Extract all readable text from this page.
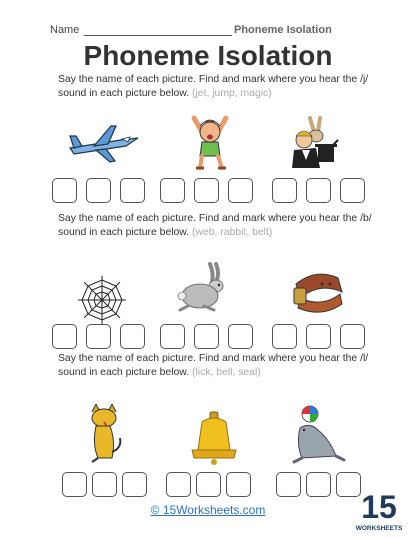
Name	Phoneme Isolation
Phoneme Isolation
Say the name of each picture. Find and mark where you hear the /j/ sound in each picture below. (jet, jump, magic)
Say the name of each picture. Find and mark where you hear the /b/ sound in each picture below. (web, rabbit, belt)
Say the name of each picture. Find and mark where you hear the /l/ sound in each picture below. (lick, bell, seal)
© 15Worksheets.com	15
WORKSHEETS
